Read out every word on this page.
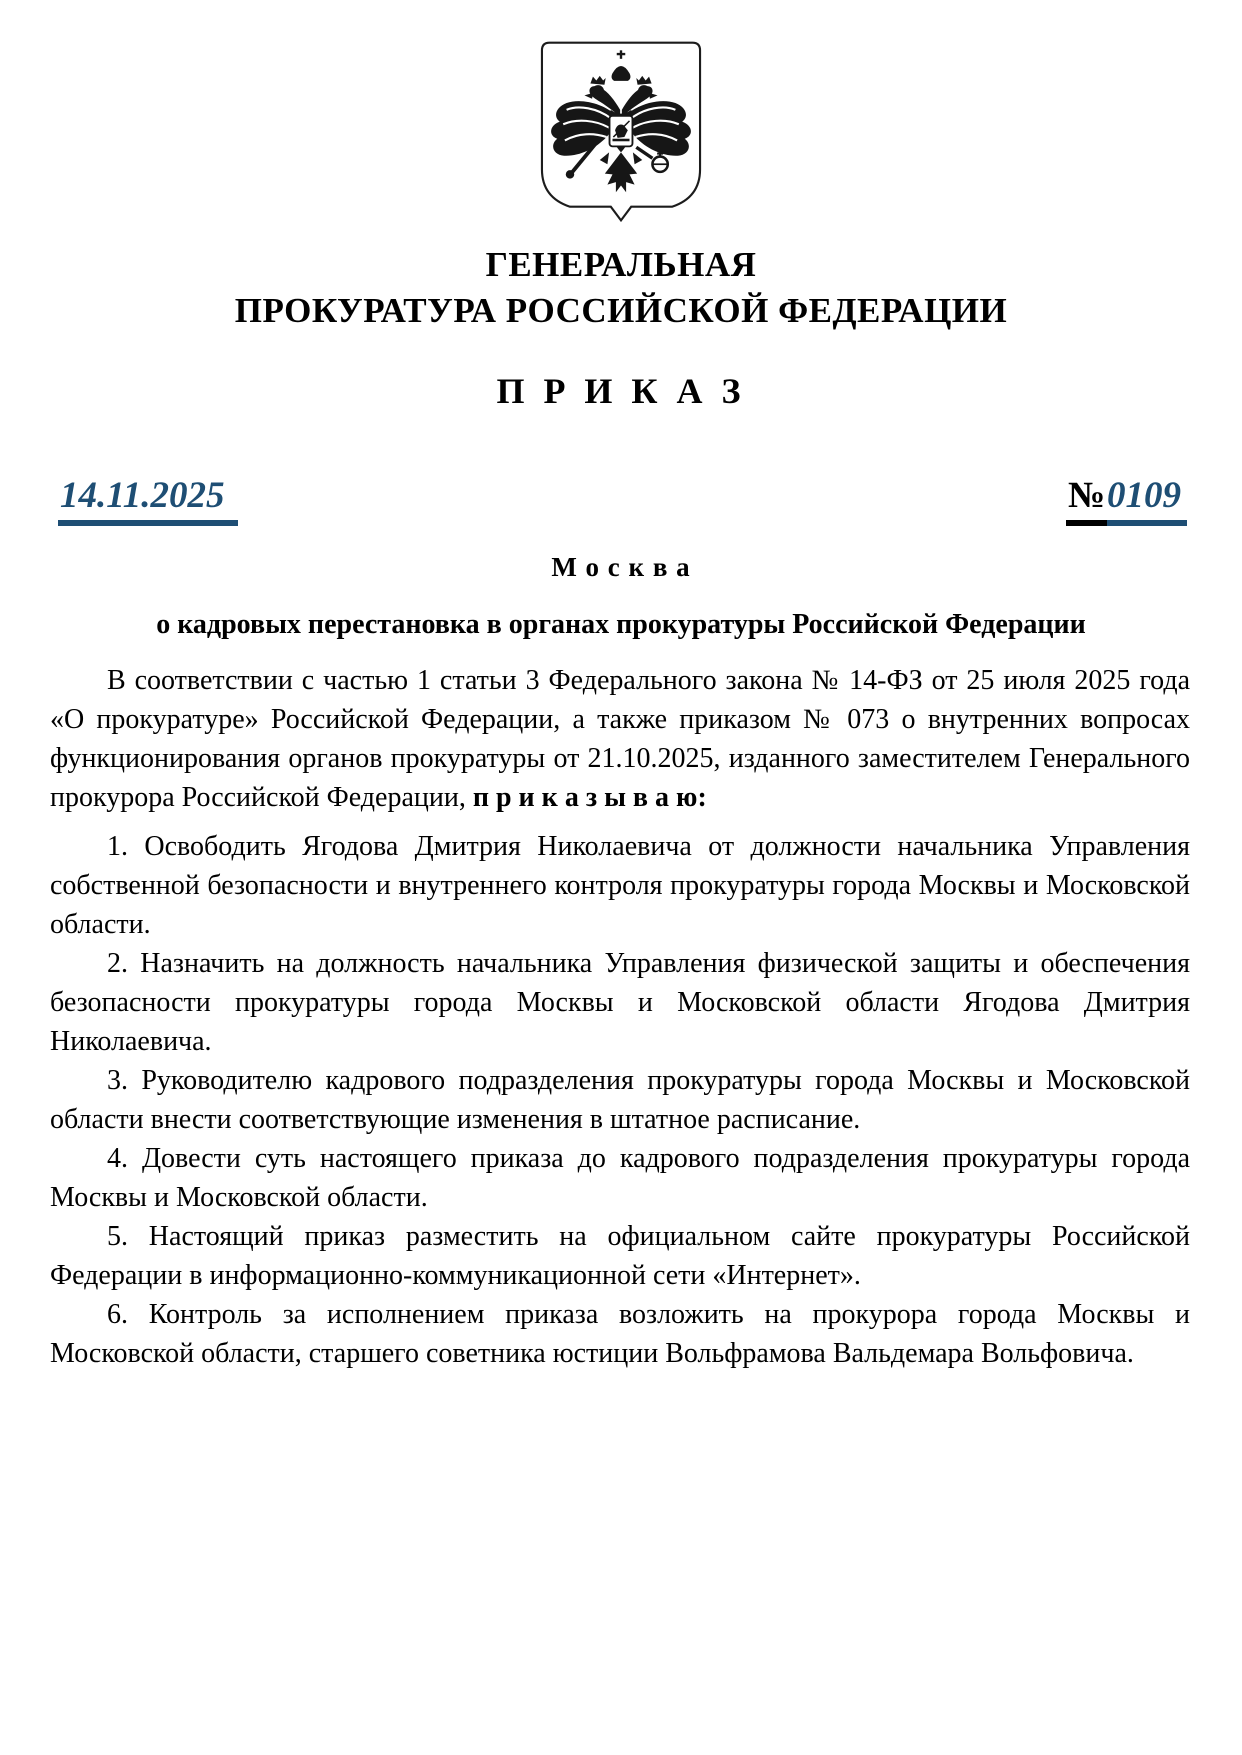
ГЕНЕРАЛЬНАЯ
ПРОКУРАТУРА РОССИЙСКОЙ ФЕДЕРАЦИИ
П Р И К А З
14.11.2025	№0109
М о с к в а
о кадровых перестановка в органах прокуратуры Российской Федерации

В соответствии с частью 1 статьи 3 Федерального закона № 14-ФЗ от 25 июля 2025 года «О прокуратуре» Российской Федерации, а также приказом № 073 о внутренних вопросах функционирования органов прокуратуры от 21.10.2025, изданного заместителем Генерального прокурора Российской Федерации, п р и к а з ы в а ю:

1. Освободить Ягодова Дмитрия Николаевича от должности начальника Управления собственной безопасности и внутреннего контроля прокуратуры города Москвы и Московской области.

2. Назначить на должность начальника Управления физической защиты и обеспечения безопасности прокуратуры города Москвы и Московской области Ягодова Дмитрия Николаевича.

3. Руководителю кадрового подразделения прокуратуры города Москвы и Московской области внести соответствующие изменения в штатное расписание.

4. Довести суть настоящего приказа до кадрового подразделения прокуратуры города Москвы и Московской области.

5. Настоящий приказ разместить на официальном сайте прокуратуры Российской Федерации в информационно-коммуникационной сети «Интернет».

6. Контроль за исполнением приказа возложить на прокурора города Москвы и Московской области, старшего советника юстиции Вольфрамова Вальдемара Вольфовича.
